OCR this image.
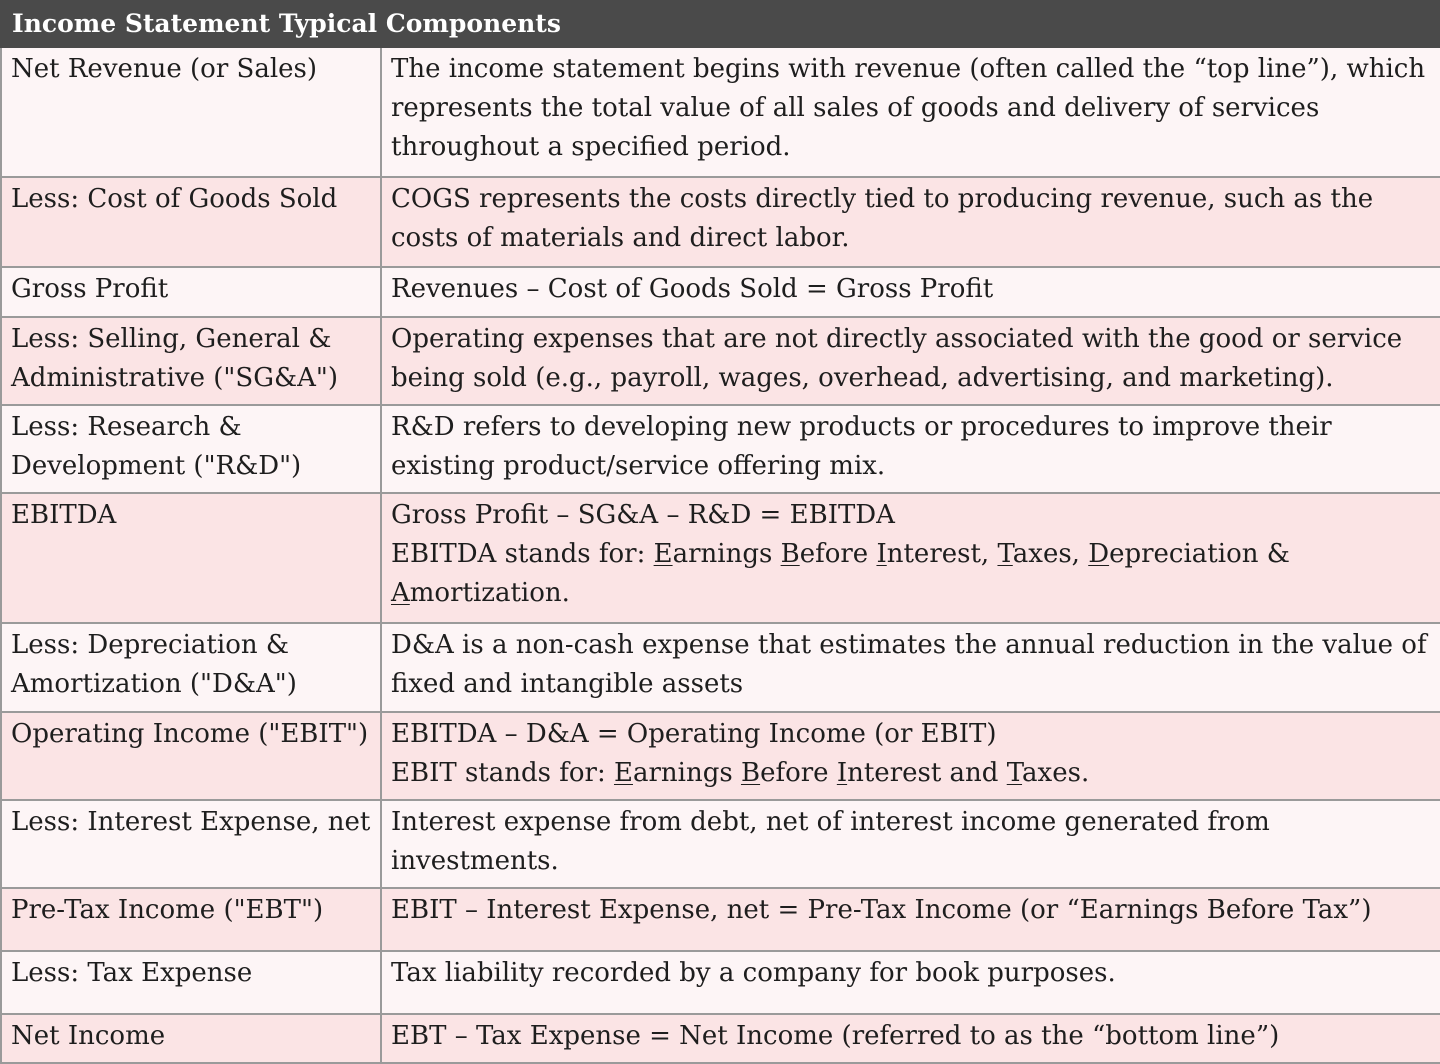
Income Statement Typical Components	
Net Revenue (or Sales)	The income statement begins with revenue (often called the “top line”), which represents the total value of all sales of goods and delivery of services throughout a specified period.
Less: Cost of Goods Sold	COGS represents the costs directly tied to producing revenue, such as the costs of materials and direct labor.
Gross Profit	Revenues – Cost of Goods Sold = Gross Profit
Less: Selling, General & Administrative ("SG&A")	Operating expenses that are not directly associated with the good or service being sold (e.g., payroll, wages, overhead, advertising, and marketing).
Less: Research & Development ("R&D")	R&D refers to developing new products or procedures to improve their existing product/service offering mix.
EBITDA	Gross Profit – SG&A – R&D = EBITDA
EBITDA stands for: Earnings Before Interest, Taxes, Depreciation & Amortization.

Less: Depreciation & Amortization ("D&A")	D&A is a non-cash expense that estimates the annual reduction in the value of fixed and intangible assets
Operating Income ("EBIT")	EBITDA – D&A = Operating Income (or EBIT)
EBIT stands for: Earnings Before Interest and Taxes.

Less: Interest Expense, net	Interest expense from debt, net of interest income generated from investments.
Pre-Tax Income ("EBT")	EBIT – Interest Expense, net = Pre-Tax Income (or “Earnings Before Tax”)
Less: Tax Expense	Tax liability recorded by a company for book purposes.
Net Income	EBT – Tax Expense = Net Income (referred to as the “bottom line”)
